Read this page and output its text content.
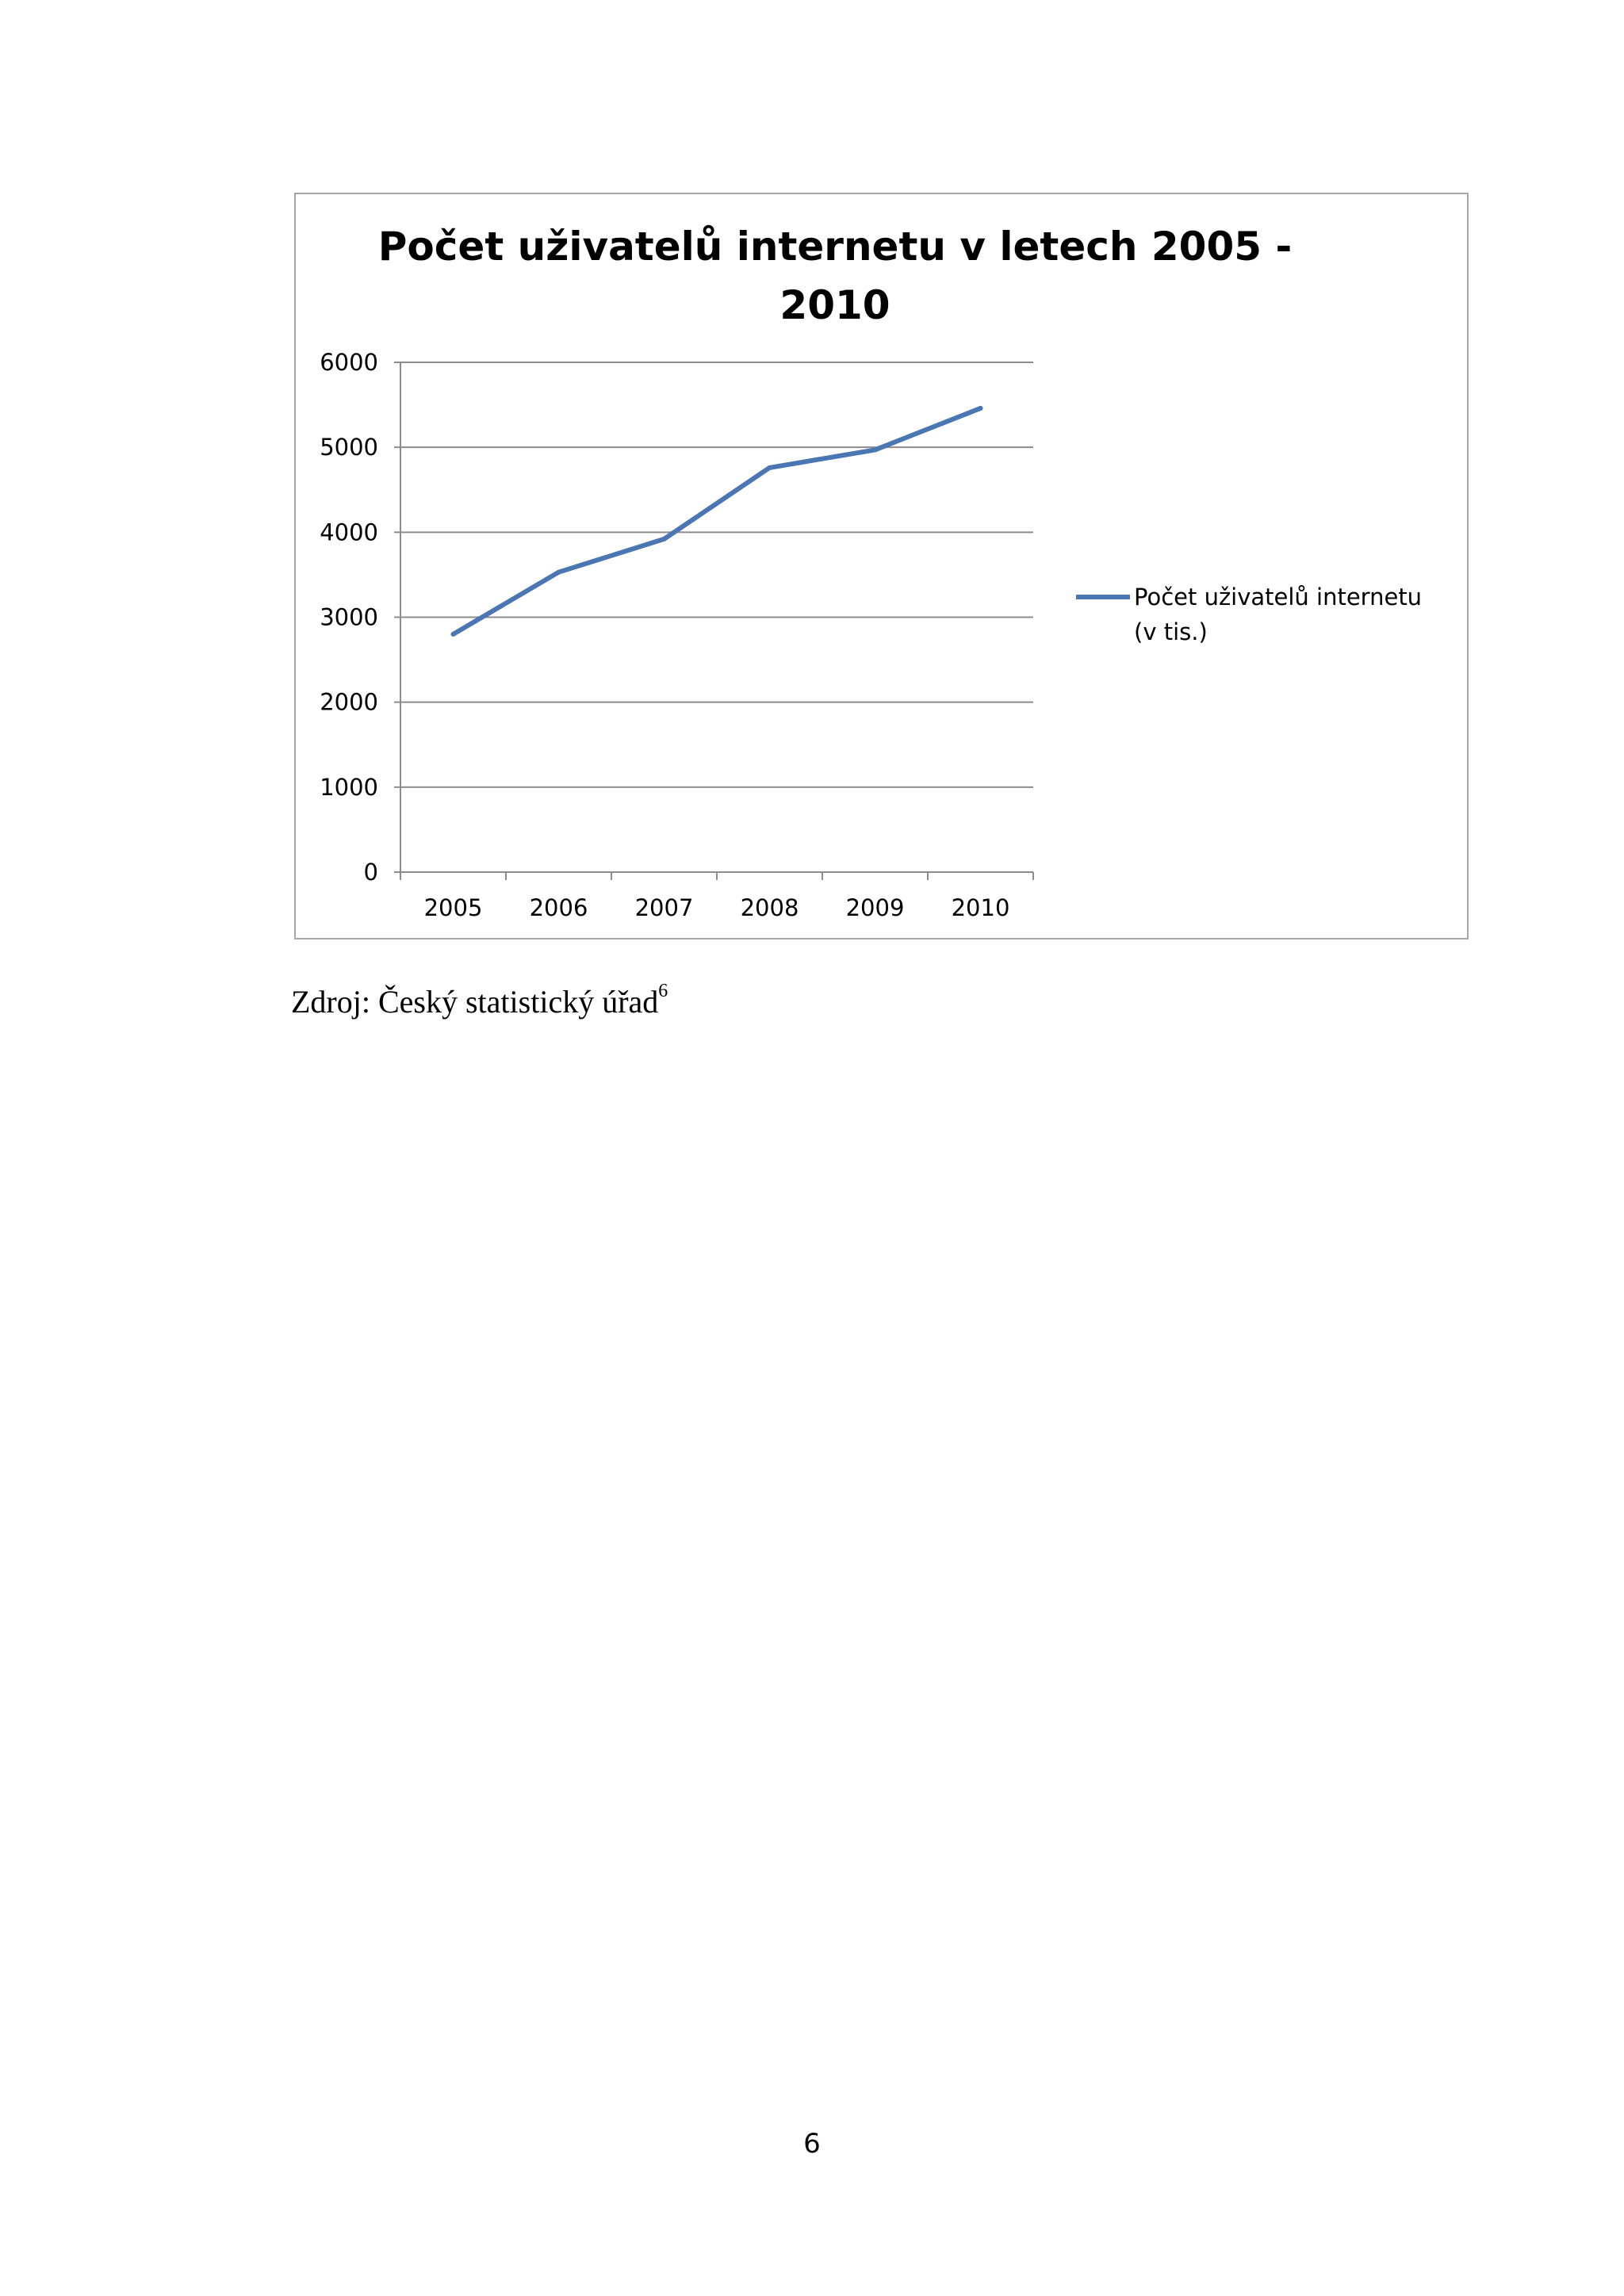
Počet uživatelů internetu v letech 2005 -
2010
0
1000
2000
3000
4000
5000
6000
2005 2006 2007 2008 2009 2010
Počet uživatelů internetu
(v tis.)
Zdroj: Český statistický úřad$^6$
6
